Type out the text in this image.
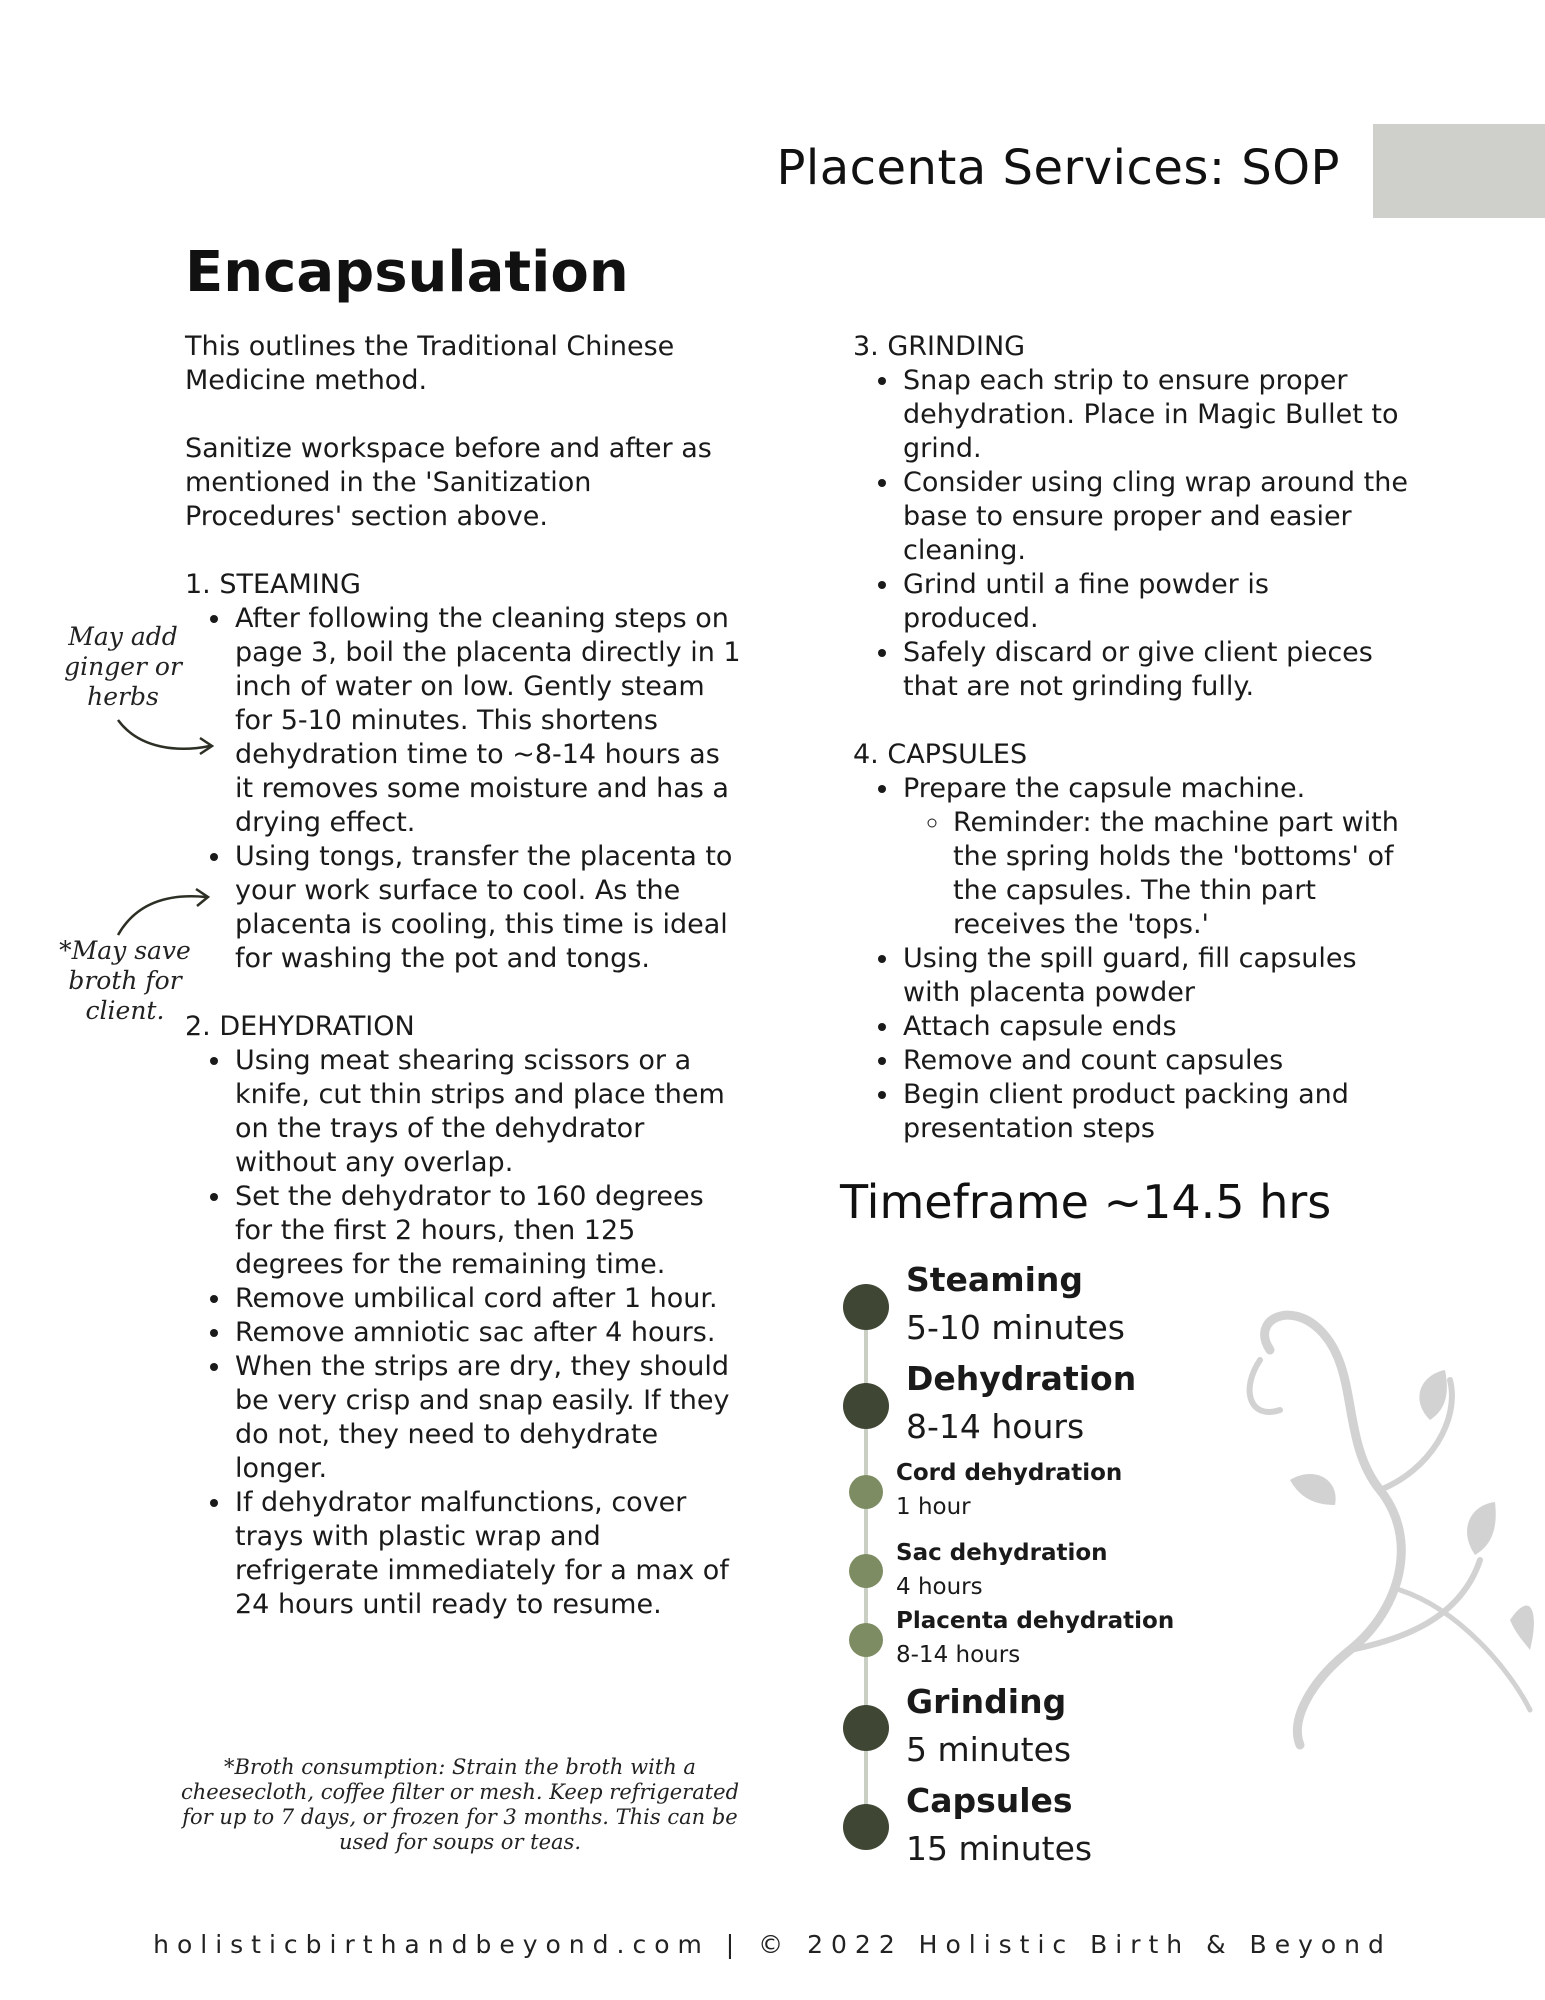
Placenta Services: SOP
Encapsulation

This outlines the Traditional Chinese Medicine method.

Sanitize workspace before and after as mentioned in the 'Sanitization Procedures' section above.

1. STEAMING

• After following the cleaning steps on page 3, boil the placenta directly in 1 inch of water on low. Gently steam for 5-10 minutes. This shortens dehydration time to ~8-14 hours as it removes some moisture and has a drying effect.
• Using tongs, transfer the placenta to your work surface to cool. As the placenta is cooling, this time is ideal for washing the pot and tongs.

2. DEHYDRATION

• Using meat shearing scissors or a knife, cut thin strips and place them on the trays of the dehydrator without any overlap.
• Set the dehydrator to 160 degrees for the first 2 hours, then 125 degrees for the remaining time.
• Remove umbilical cord after 1 hour.
• Remove amniotic sac after 4 hours.
• When the strips are dry, they should be very crisp and snap easily. If they do not, they need to dehydrate longer.
• If dehydrator malfunctions, cover trays with plastic wrap and refrigerate immediately for a max of 24 hours until ready to resume.
May add ginger or herbs
*May save broth for client.
*Broth consumption: Strain the broth with a cheesecloth, coffee filter or mesh. Keep refrigerated for up to 7 days, or frozen for 3 months. This can be used for soups or teas.

3. GRINDING

• Snap each strip to ensure proper dehydration. Place in Magic Bullet to grind.
• Consider using cling wrap around the base to ensure proper and easier cleaning.
• Grind until a fine powder is produced.
• Safely discard or give client pieces that are not grinding fully.

4. CAPSULES

• Prepare the capsule machine.
◦ Reminder: the machine part with the spring holds the 'bottoms' of the capsules. The thin part receives the 'tops.'
• Using the spill guard, fill capsules with placenta powder
• Attach capsule ends
• Remove and count capsules
• Begin client product packing and presentation steps
Timeframe ~14.5 hrs
Steaming
5-10 minutes
Dehydration
8-14 hours
Cord dehydration
1 hour
Sac dehydration
4 hours
Placenta dehydration
8-14 hours
Grinding
5 minutes
Capsules
15 minutes
holisticbirthandbeyond.com | © 2022 Holistic Birth & Beyond
